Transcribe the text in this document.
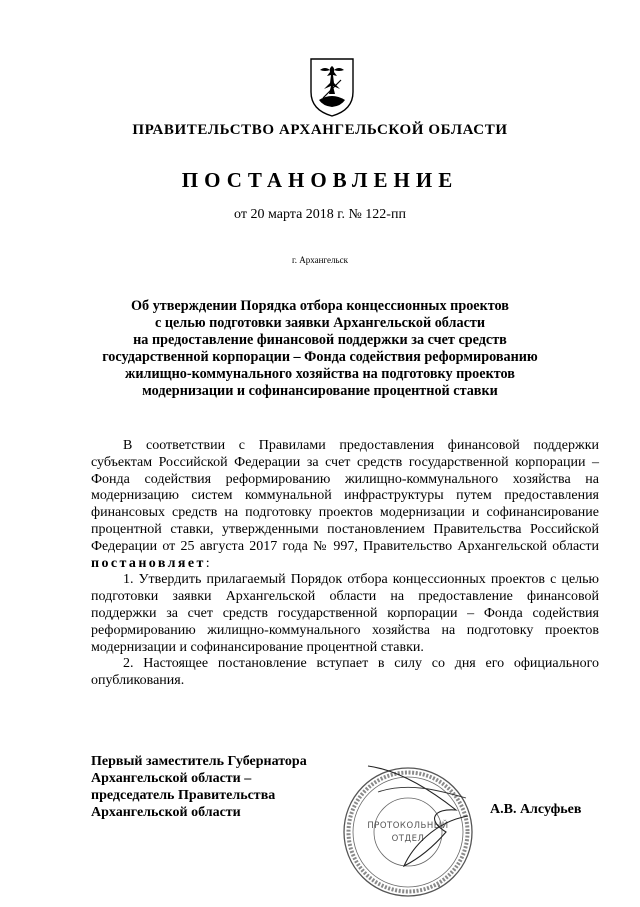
ПРАВИТЕЛЬСТВО АРХАНГЕЛЬСКОЙ ОБЛАСТИ
ПОСТАНОВЛЕНИЕ
от 20 марта 2018 г. № 122-пп
г. Архангельск
Об утверждении Порядка отбора концессионных проектов
с целью подготовки заявки Архангельской области
на предоставление финансовой поддержки за счет средств
государственной корпорации – Фонда содействия реформированию
жилищно-коммунального хозяйства на подготовку проектов
модернизации и софинансирование процентной ставки

В соответствии с Правилами предоставления финансовой поддержки субъектам Российской Федерации за счет средств государственной корпорации – Фонда содействия реформированию жилищно-коммунального хозяйства на модернизацию систем коммунальной инфраструктуры путем предоставления финансовых средств на подготовку проектов модернизации и софинансирование процентной ставки, утвержденными постановлением Правительства Российской Федерации от 25 августа 2017 года № 997, Правительство Архангельской области постановляет:

1. Утвердить прилагаемый Порядок отбора концессионных проектов с целью подготовки заявки Архангельской области на предоставление финансовой поддержки за счет средств государственной корпорации – Фонда содействия реформированию жилищно-коммунального хозяйства на подготовку проектов модернизации и софинансирование процентной ставки.

2. Настоящее постановление вступает в силу со дня его официального опубликования.

Первый заместитель Губернатора
Архангельской области –
председатель Правительства
Архангельской области	А.В. Алсуфьев
ПРОТОКОЛЬНЫЙ
ОТДЕЛ
